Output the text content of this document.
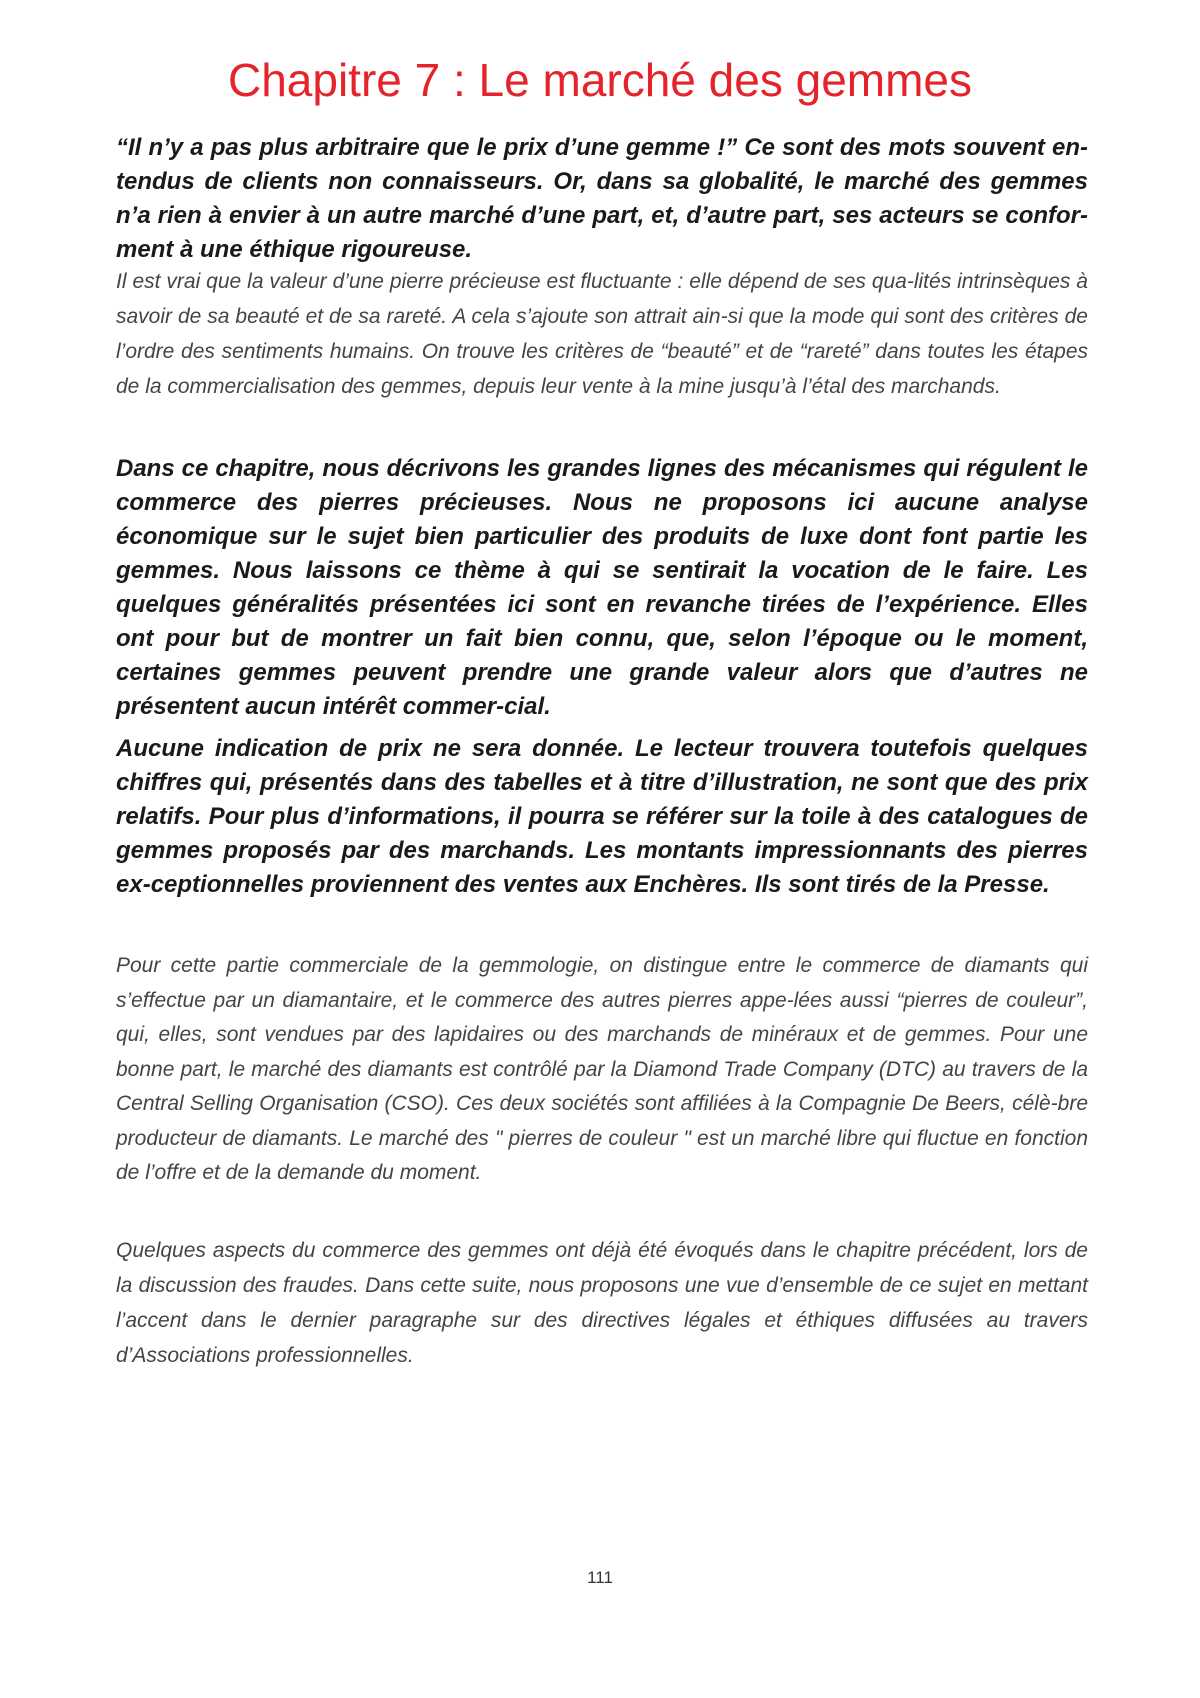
Chapitre 7 : Le marché des gemmes

“Il n’y a pas plus arbitraire que le prix d’une gemme !” Ce sont des mots souvent en-tendus de clients non connaisseurs. Or, dans sa globalité, le marché des gemmes n’a rien à envier à un autre marché d’une part, et, d’autre part, ses acteurs se confor-ment à une éthique rigoureuse.

Il est vrai que la valeur d’une pierre précieuse est fluctuante : elle dépend de ses qua-lités intrinsèques à savoir de sa beauté et de sa rareté. A cela s’ajoute son attrait ain-si que la mode qui sont des critères de l’ordre des sentiments humains. On trouve les critères de “beauté” et de “rareté” dans toutes les étapes de la commercialisation des gemmes, depuis leur vente à la mine jusqu’à l’étal des marchands.

Dans ce chapitre, nous décrivons les grandes lignes des mécanismes qui régulent le commerce des pierres précieuses. Nous ne proposons ici aucune analyse économique sur le sujet bien particulier des produits de luxe dont font partie les gemmes. Nous laissons ce thème à qui se sentirait la vocation de le faire. Les quelques généralités présentées ici sont en revanche tirées de l’expérience. Elles ont pour but de montrer un fait bien connu, que, selon l’époque ou le moment, certaines gemmes peuvent prendre une grande valeur alors que d’autres ne présentent aucun intérêt commer-cial.

Aucune indication de prix ne sera donnée. Le lecteur trouvera toutefois quelques chiffres qui, présentés dans des tabelles et à titre d’illustration, ne sont que des prix relatifs. Pour plus d’informations, il pourra se référer sur la toile à des catalogues de gemmes proposés par des marchands. Les montants impressionnants des pierres ex-ceptionnelles proviennent des ventes aux Enchères. Ils sont tirés de la Presse.

Pour cette partie commerciale de la gemmologie, on distingue entre le commerce de diamants qui s’effectue par un diamantaire, et le commerce des autres pierres appe-lées aussi “pierres de couleur”, qui, elles, sont vendues par des lapidaires ou des marchands de minéraux et de gemmes. Pour une bonne part, le marché des diamants est contrôlé par la Diamond Trade Company (DTC) au travers de la Central Selling Organisation (CSO). Ces deux sociétés sont affiliées à la Compagnie De Beers, célè-bre producteur de diamants. Le marché des " pierres de couleur " est un marché libre qui fluctue en fonction de l’offre et de la demande du moment.

Quelques aspects du commerce des gemmes ont déjà été évoqués dans le chapitre précédent, lors de la discussion des fraudes. Dans cette suite, nous proposons une vue d’ensemble de ce sujet en mettant l’accent dans le dernier paragraphe sur des directives légales et éthiques diffusées au travers d’Associations professionnelles.

111
